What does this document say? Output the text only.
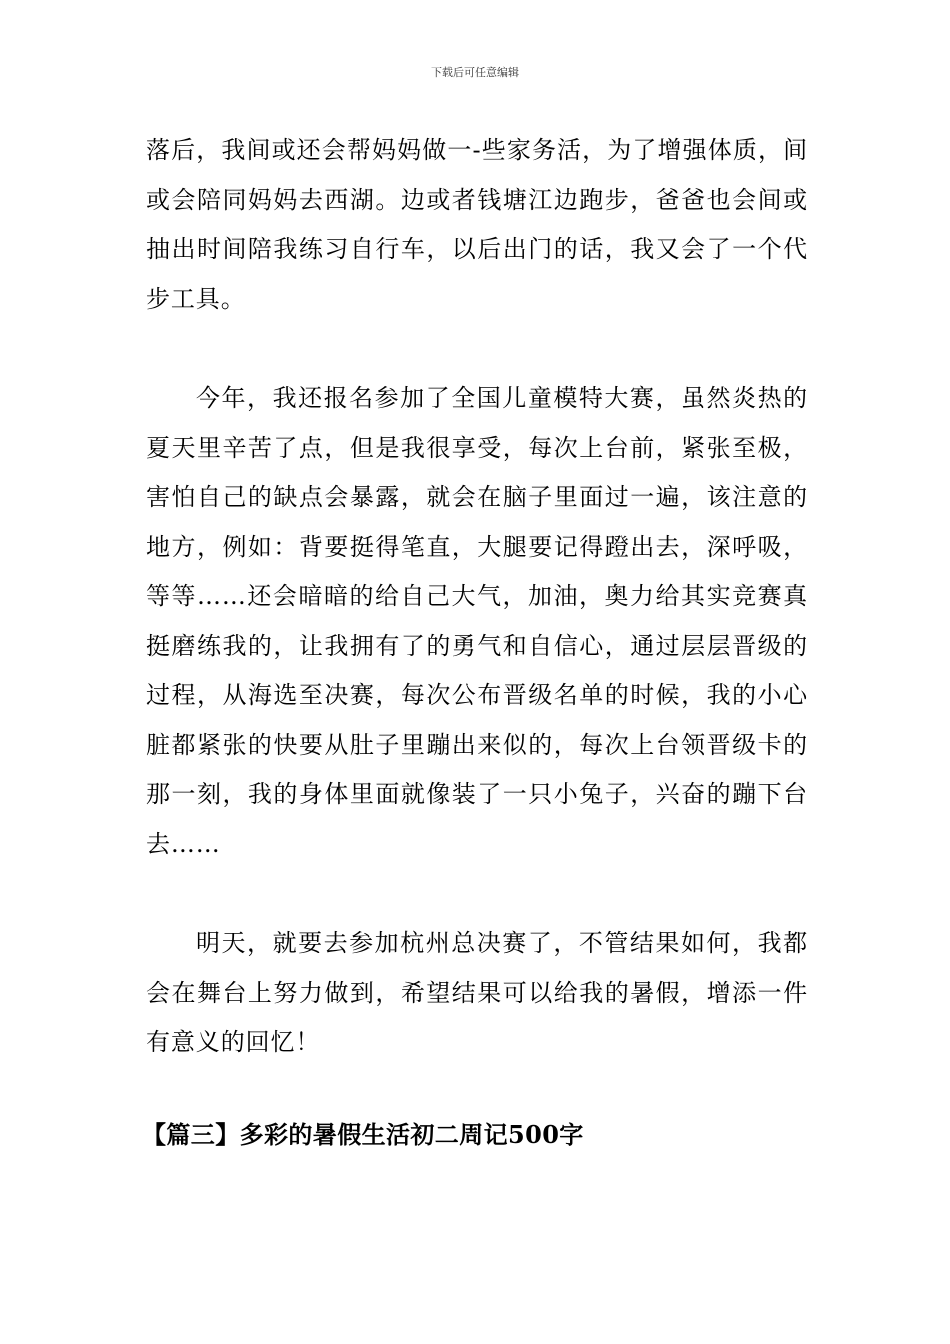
下载后可任意编辑

落后，我间或还会帮妈妈做一-些家务活，为了增强体质，间或会陪同妈妈去西湖。边或者钱塘江边跑步，爸爸也会间或抽出时间陪我练习自行车，以后出门的话，我又会了一个代步工具。

今年，我还报名参加了全国儿童模特大赛，虽然炎热的夏天里辛苦了点，但是我很享受，每次上台前，紧张至极，害怕自己的缺点会暴露，就会在脑子里面过一遍，该注意的地方，例如：背要挺得笔直，大腿要记得蹬出去，深呼吸，等等……还会暗暗的给自己大气，加油，奥力给其实竞赛真挺磨练我的，让我拥有了的勇气和自信心，通过层层晋级的过程，从海选至决赛，每次公布晋级名单的时候，我的小心脏都紧张的快要从肚子里蹦出来似的，每次上台领晋级卡的那一刻，我的身体里面就像装了一只小兔子，兴奋的蹦下台去……

明天，就要去参加杭州总决赛了，不管结果如何，我都会在舞台上努力做到，希望结果可以给我的暑假，增添一件有意义的回忆！

【篇三】多彩的暑假生活初二周记500字
